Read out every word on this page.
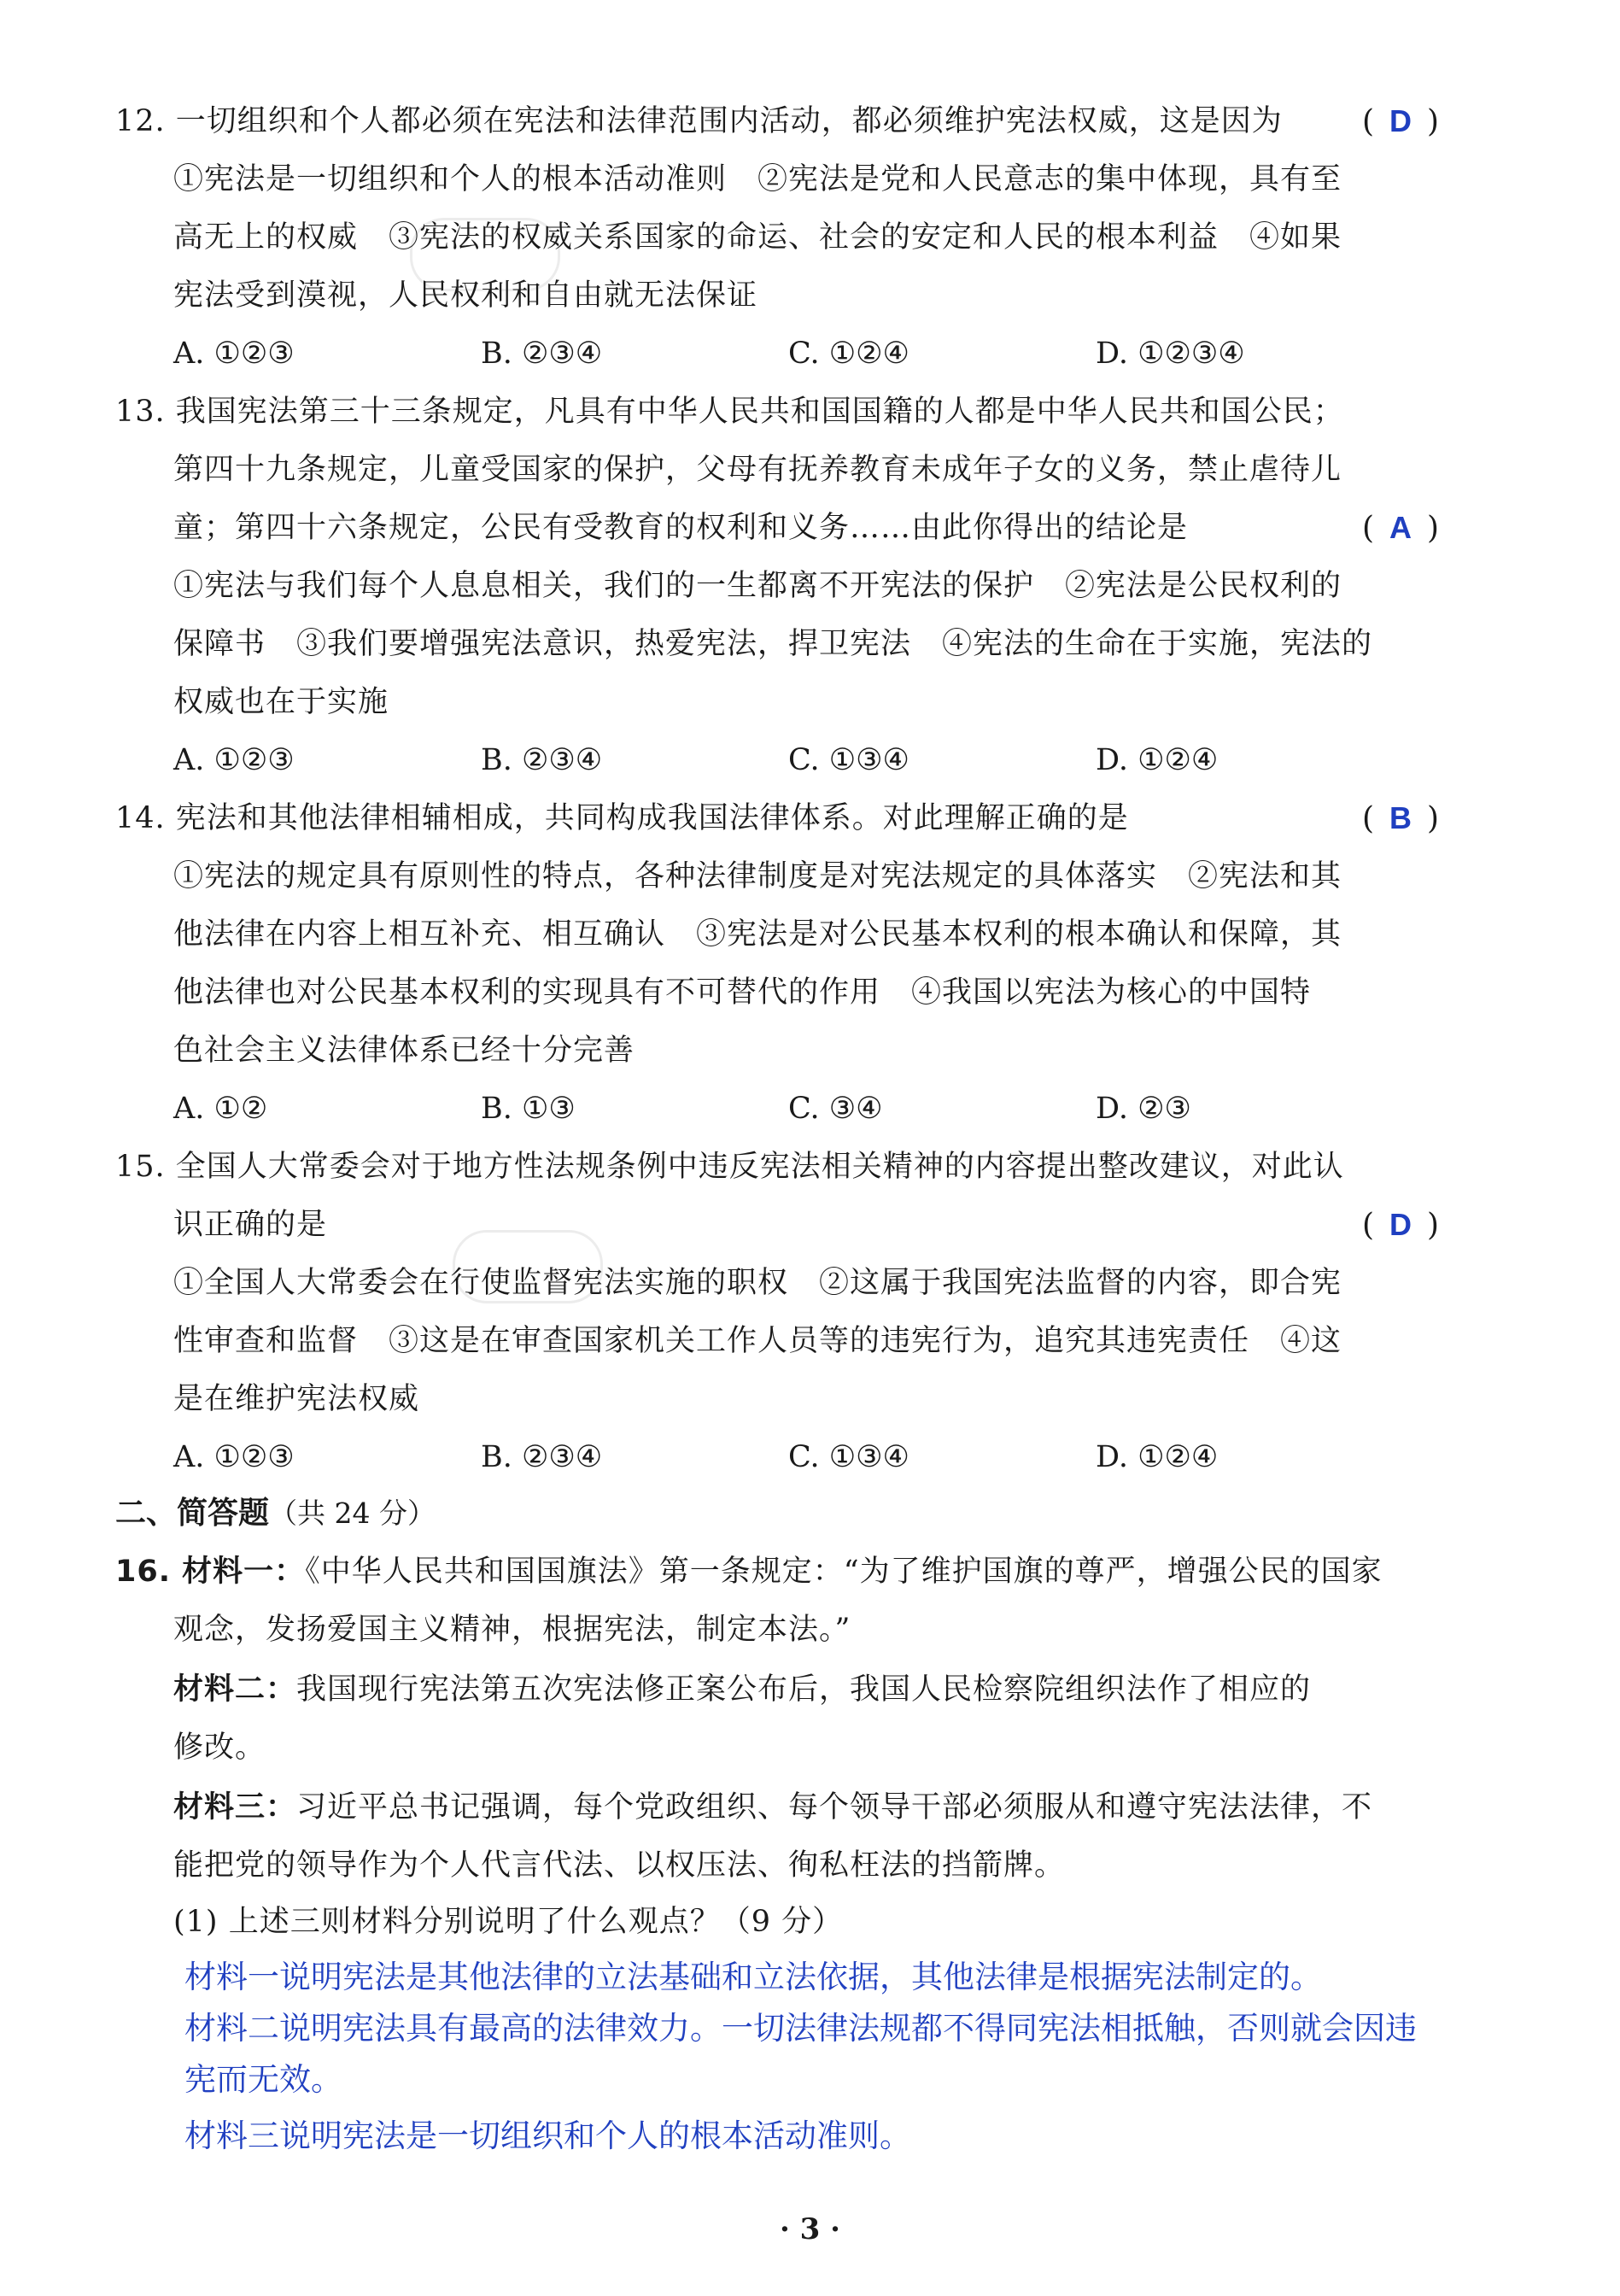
12. 一切组织和个人都必须在宪法和法律范围内活动，都必须维护宪法权威，这是因为	( D )
①宪法是一切组织和个人的根本活动准则　②宪法是党和人民意志的集中体现，具有至
高无上的权威　③宪法的权威关系国家的命运、社会的安定和人民的根本利益　④如果
宪法受到漠视，人民权利和自由就无法保证
A. ①②③	B. ②③④	C. ①②④	D. ①②③④
13. 我国宪法第三十三条规定，凡具有中华人民共和国国籍的人都是中华人民共和国公民；
第四十九条规定，儿童受国家的保护，父母有抚养教育未成年子女的义务，禁止虐待儿
童；第四十六条规定，公民有受教育的权利和义务……由此你得出的结论是	( A )
①宪法与我们每个人息息相关，我们的一生都离不开宪法的保护　②宪法是公民权利的
保障书　③我们要增强宪法意识，热爱宪法，捍卫宪法　④宪法的生命在于实施，宪法的
权威也在于实施
A. ①②③	B. ②③④	C. ①③④	D. ①②④
14. 宪法和其他法律相辅相成，共同构成我国法律体系。对此理解正确的是	( B )
①宪法的规定具有原则性的特点，各种法律制度是对宪法规定的具体落实　②宪法和其
他法律在内容上相互补充、相互确认　③宪法是对公民基本权利的根本确认和保障，其
他法律也对公民基本权利的实现具有不可替代的作用　④我国以宪法为核心的中国特
色社会主义法律体系已经十分完善
A. ①②	B. ①③	C. ③④	D. ②③
15. 全国人大常委会对于地方性法规条例中违反宪法相关精神的内容提出整改建议，对此认
识正确的是	( D )
①全国人大常委会在行使监督宪法实施的职权　②这属于我国宪法监督的内容，即合宪
性审查和监督　③这是在审查国家机关工作人员等的违宪行为，追究其违宪责任　④这
是在维护宪法权威
A. ①②③	B. ②③④	C. ①③④	D. ①②④
二、简答题（共 24 分）
16. 材料一：《中华人民共和国国旗法》第一条规定：“为了维护国旗的尊严，增强公民的国家
观念，发扬爱国主义精神，根据宪法，制定本法。”
材料二：我国现行宪法第五次宪法修正案公布后，我国人民检察院组织法作了相应的
修改。
材料三：习近平总书记强调，每个党政组织、每个领导干部必须服从和遵守宪法法律，不
能把党的领导作为个人代言代法、以权压法、徇私枉法的挡箭牌。
(1) 上述三则材料分别说明了什么观点？（9 分）
材料一说明宪法是其他法律的立法基础和立法依据，其他法律是根据宪法制定的。
材料二说明宪法具有最高的法律效力。一切法律法规都不得同宪法相抵触，否则就会因违
宪而无效。
材料三说明宪法是一切组织和个人的根本活动准则。
· 3 ·
